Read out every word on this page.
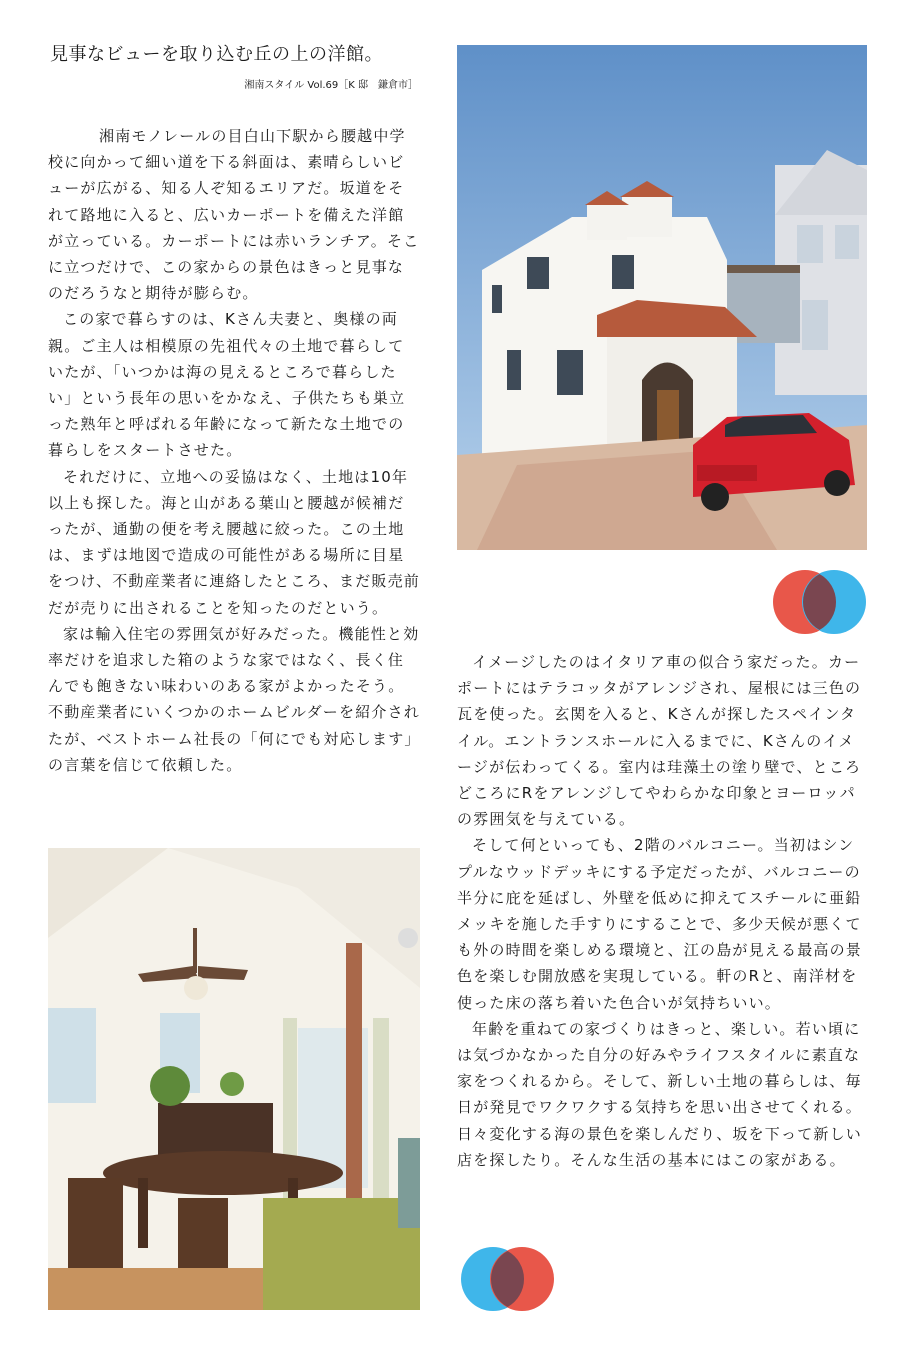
見事なビューを取り込む丘の上の洋館。
湘南スタイル Vol.69［K 邸　鎌倉市］

湘南モノレールの目白山下駅から腰越中学校に向かって細い道を下る斜面は、素晴らしいビューが広がる、知る人ぞ知るエリアだ。坂道をそれて路地に入ると、広いカーポートを備えた洋館が立っている。カーポートには赤いランチア。そこに立つだけで、この家からの景色はきっと見事なのだろうなと期待が膨らむ。

この家で暮らすのは、Kさん夫妻と、奥様の両親。ご主人は相模原の先祖代々の土地で暮らしていたが、「いつかは海の見えるところで暮らしたい」という長年の思いをかなえ、子供たちも巣立った熟年と呼ばれる年齢になって新たな土地での暮らしをスタートさせた。

それだけに、立地への妥協はなく、土地は10年以上も探した。海と山がある葉山と腰越が候補だったが、通勤の便を考え腰越に絞った。この土地は、まずは地図で造成の可能性がある場所に目星をつけ、不動産業者に連絡したところ、まだ販売前だが売りに出されることを知ったのだという。

家は輸入住宅の雰囲気が好みだった。機能性と効率だけを追求した箱のような家ではなく、長く住んでも飽きない味わいのある家がよかったそう。不動産業者にいくつかのホームビルダーを紹介されたが、ベストホーム社長の「何にでも対応します」の言葉を信じて依頼した。

イメージしたのはイタリア車の似合う家だった。カーポートにはテラコッタがアレンジされ、屋根には三色の瓦を使った。玄関を入ると、Kさんが探したスペインタイル。エントランスホールに入るまでに、Kさんのイメージが伝わってくる。室内は珪藻土の塗り壁で、ところどころにRをアレンジしてやわらかな印象とヨーロッパの雰囲気を与えている。

そして何といっても、2階のバルコニー。当初はシンプルなウッドデッキにする予定だったが、バルコニーの半分に庇を延ばし、外壁を低めに抑えてスチールに亜鉛メッキを施した手すりにすることで、多少天候が悪くても外の時間を楽しめる環境と、江の島が見える最高の景色を楽しむ開放感を実現している。軒のRと、南洋材を使った床の落ち着いた色合いが気持ちいい。

年齢を重ねての家づくりはきっと、楽しい。若い頃には気づかなかった自分の好みやライフスタイルに素直な家をつくれるから。そして、新しい土地の暮らしは、毎日が発見でワクワクする気持ちを思い出させてくれる。日々変化する海の景色を楽しんだり、坂を下って新しい店を探したり。そんな生活の基本にはこの家がある。
